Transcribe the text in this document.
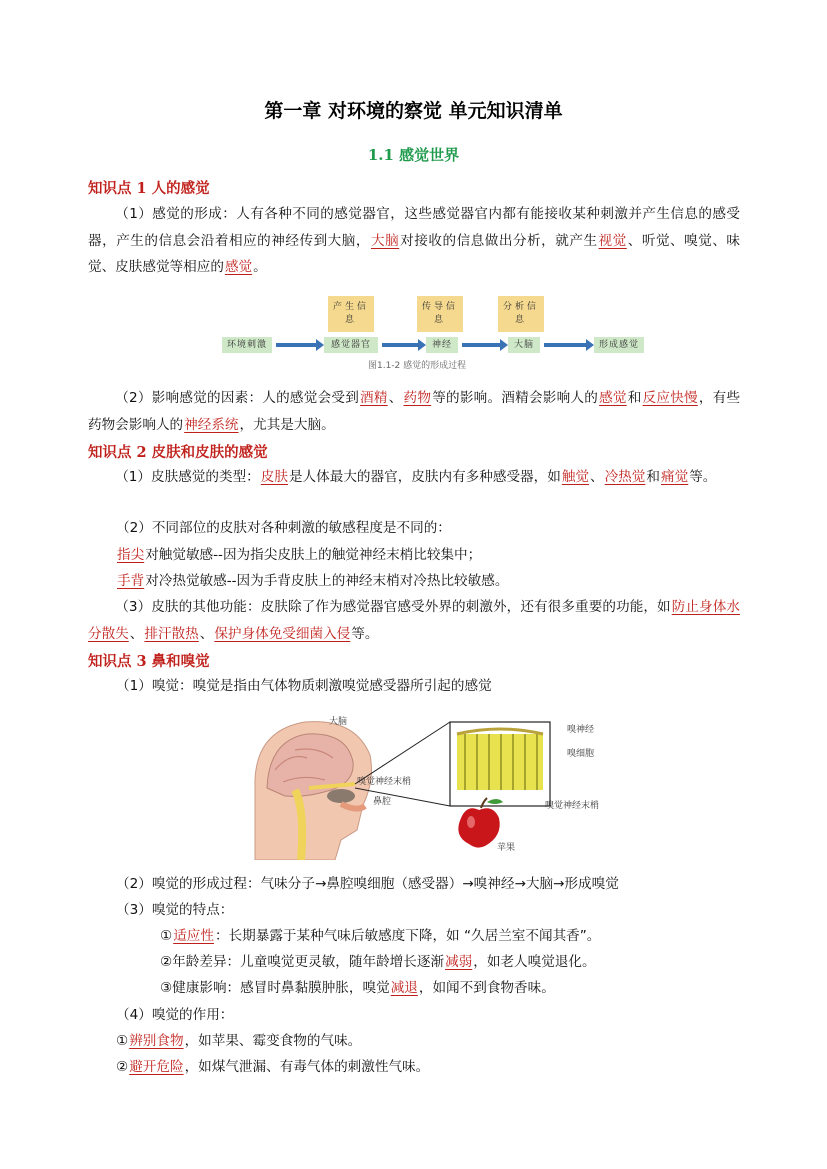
第一章 对环境的察觉 单元知识清单
1.1 感觉世界
知识点 1 人的感觉
（1）感觉的形成：人有各种不同的感觉器官，这些感觉器官内都有能接收某种刺激并产生信息的感受器，产生的信息会沿着相应的神经传到大脑，大脑对接收的信息做出分析，就产生视觉、听觉、嗅觉、味觉、皮肤感觉等相应的感觉。
产生信息
传导信息
分析信息
环境刺激	感觉器官	神经	大脑	形成感觉
图1.1-2 感觉的形成过程
（2）影响感觉的因素：人的感觉会受到酒精、药物等的影响。酒精会影响人的感觉和反应快慢，有些药物会影响人的神经系统，尤其是大脑。
知识点 2 皮肤和皮肤的感觉
（1）皮肤感觉的类型：皮肤是人体最大的器官，皮肤内有多种感受器，如触觉、冷热觉和痛觉等。
（2）不同部位的皮肤对各种刺激的敏感程度是不同的：
指尖对触觉敏感--因为指尖皮肤上的触觉神经末梢比较集中；
手背对冷热觉敏感--因为手背皮肤上的神经末梢对冷热比较敏感。
（3）皮肤的其他功能：皮肤除了作为感觉器官感受外界的刺激外，还有很多重要的功能，如防止身体水分散失、排汗散热、保护身体免受细菌入侵等。
知识点 3 鼻和嗅觉
（1）嗅觉：嗅觉是指由气体物质刺激嗅觉感受器所引起的感觉
大脑
嗅觉神经末梢
鼻腔
嗅神经
嗅细胞
嗅觉神经末梢
苹果
（2）嗅觉的形成过程：气味分子→鼻腔嗅细胞（感受器）→嗅神经→大脑→形成嗅觉
（3）嗅觉的特点：
①适应性：长期暴露于某种气味后敏感度下降，如 “久居兰室不闻其香”。
②年龄差异：儿童嗅觉更灵敏，随年龄增长逐渐减弱，如老人嗅觉退化。
③健康影响：感冒时鼻黏膜肿胀，嗅觉减退，如闻不到食物香味。
（4）嗅觉的作用：
①辨别食物，如苹果、霉变食物的气味。
②避开危险，如煤气泄漏、有毒气体的刺激性气味。
